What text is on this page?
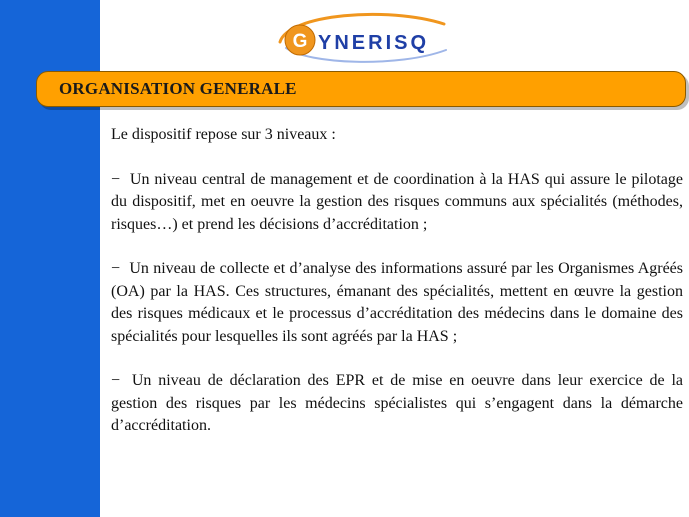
G YNERISQ
ORGANISATION GENERALE

Le dispositif repose sur 3 niveaux :

− Un niveau central de management et de coordination à la HAS qui assure le pilotage du dispositif, met en oeuvre la gestion des risques communs aux spécialités (méthodes, risques…) et prend les décisions d’accréditation ;

− Un niveau de collecte et d’analyse des informations assuré par les Organismes Agréés (OA) par la HAS. Ces structures, émanant des spécialités, mettent en œuvre la gestion des risques médicaux et le processus d’accréditation des médecins dans le domaine des spécialités pour lesquelles ils sont agréés par la HAS ;

− Un niveau de déclaration des EPR et de mise en oeuvre dans leur exercice de la gestion des risques par les médecins spécialistes qui s’engagent dans la démarche d’accréditation.
